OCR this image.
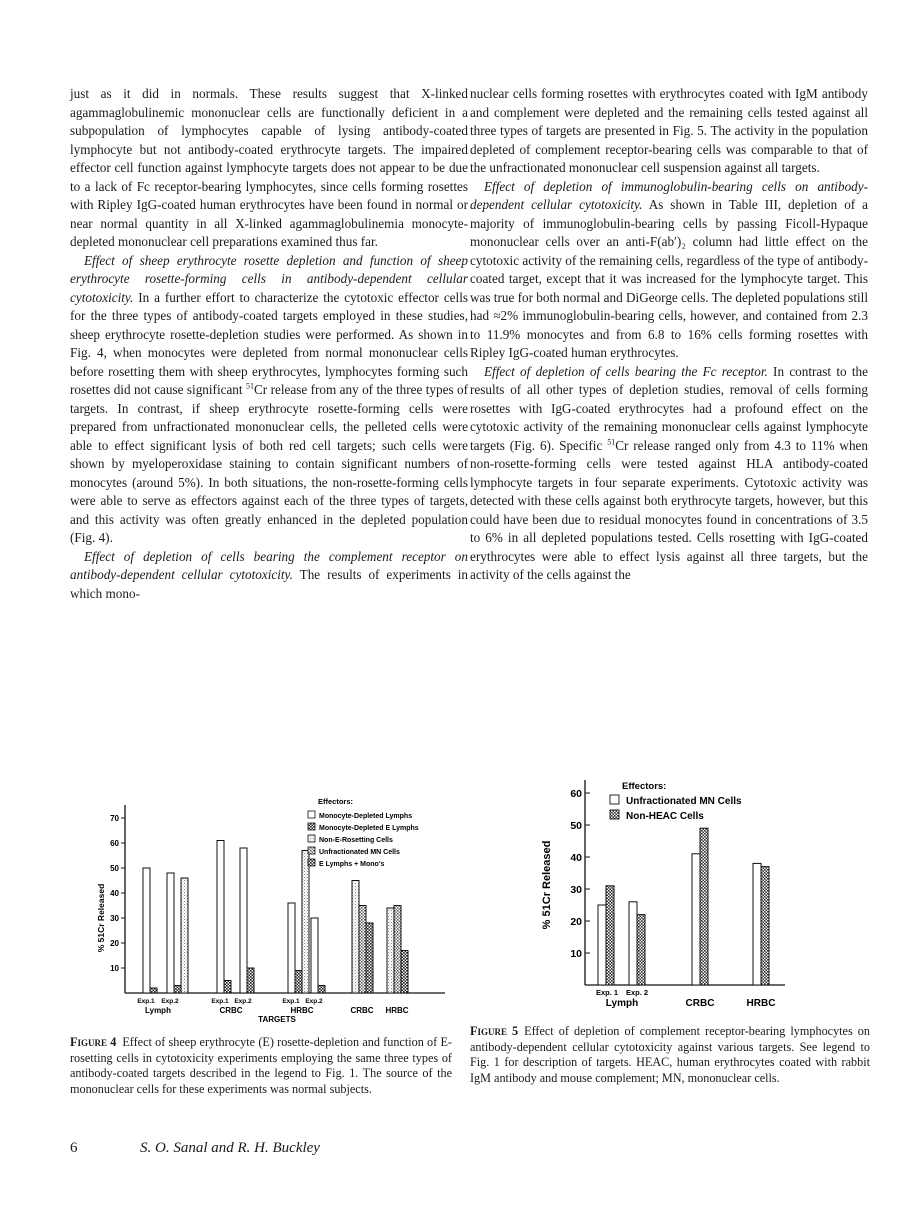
just as it did in normals. These results suggest that X-linked agammaglobulinemic mononuclear cells are functionally deficient in a subpopulation of lymphocytes capable of lysing antibody-coated lymphocyte but not antibody-coated erythrocyte targets. The impaired effector cell function against lymphocyte targets does not appear to be due to a lack of Fc receptor-bearing lymphocytes, since cells forming rosettes with Ripley IgG-coated human erythrocytes have been found in normal or near normal quantity in all X-linked agammaglobulinemia monocyte-depleted mononuclear cell preparations examined thus far.

Effect of sheep erythrocyte rosette depletion and function of sheep erythrocyte rosette-forming cells in antibody-dependent cellular cytotoxicity. In a further effort to characterize the cytotoxic effector cells for the three types of antibody-coated targets employed in these studies, sheep erythrocyte rosette-depletion studies were performed. As shown in Fig. 4, when monocytes were depleted from normal mononuclear cells before rosetting them with sheep erythrocytes, lymphocytes forming such rosettes did not cause significant $^{51}$Cr release from any of the three types of targets. In contrast, if sheep erythrocyte rosette-forming cells were prepared from unfractionated mononuclear cells, the pelleted cells were able to effect significant lysis of both red cell targets; such cells were shown by myeloperoxidase staining to contain significant numbers of monocytes (around 5%). In both situations, the non-rosette-forming cells were able to serve as effectors against each of the three types of targets, and this activity was often greatly enhanced in the depleted population (Fig. 4).

Effect of depletion of cells bearing the complement receptor on antibody-dependent cellular cytotoxicity. The results of experiments in which mono-

nuclear cells forming rosettes with erythrocytes coated with IgM antibody and complement were depleted and the remaining cells tested against all three types of targets are presented in Fig. 5. The activity in the population depleted of complement receptor-bearing cells was comparable to that of the unfractionated mononuclear cell suspension against all targets.

Effect of depletion of immunoglobulin-bearing cells on antibody-dependent cellular cytotoxicity. As shown in Table III, depletion of a majority of immunoglobulin-bearing cells by passing Ficoll-Hypaque mononuclear cells over an anti-F(ab′)₂ column had little effect on the cytotoxic activity of the remaining cells, regardless of the type of antibody-coated target, except that it was increased for the lymphocyte target. This was true for both normal and DiGeorge cells. The depleted populations still had ≈2% immunoglobulin-bearing cells, however, and contained from 2.3 to 11.9% monocytes and from 6.8 to 16% cells forming rosettes with Ripley IgG-coated human erythrocytes.

Effect of depletion of cells bearing the Fc receptor. In contrast to the results of all other types of depletion studies, removal of cells forming rosettes with IgG-coated erythrocytes had a profound effect on the cytotoxic activity of the remaining mononuclear cells against lymphocyte targets (Fig. 6). Specific $^{51}$Cr release ranged only from 4.3 to 11% when non-rosette-forming cells were tested against HLA antibody-coated lymphocyte targets in four separate experiments. Cytotoxic activity was detected with these cells against both erythrocyte targets, however, but this could have been due to residual monocytes found in concentrations of 3.5 to 6% in all depleted populations tested. Cells rosetting with IgG-coated erythrocytes were able to effect lysis against all three targets, but the activity of the cells against the

10
20
30
40
50
60
70
Exp.1 Exp.2	Exp.1 Exp.2	Exp.1 Exp.2
Lymph	CRBC	HRBC	CRBC HRBC
TARGETS
Effectors:
Monocyte-Depleted Lymphs
Monocyte-Depleted E Lymphs
Non-E-Rosetting Cells
Unfractionated MN Cells
E Lymphs + Mono's
% 51Cr Released
Figure 4 Effect of sheep erythrocyte (E) rosette-depletion and function of E-rosetting cells in cytotoxicity experiments employing the same three types of antibody-coated targets described in the legend to Fig. 1. The source of the mononuclear cells for these experiments was normal subjects.
10
20
30
40
50
60
Exp. 1 Exp. 2
Lymph	CRBC	HRBC
Effectors:
Unfractionated MN Cells
Non-HEAC Cells
% 51Cr Released
Figure 5 Effect of depletion of complement receptor-bearing lymphocytes on antibody-dependent cellular cytotoxicity against various targets. See legend to Fig. 1 for description of targets. HEAC, human erythrocytes coated with rabbit IgM antibody and mouse complement; MN, mononuclear cells.
6	S. O. Sanal and R. H. Buckley
